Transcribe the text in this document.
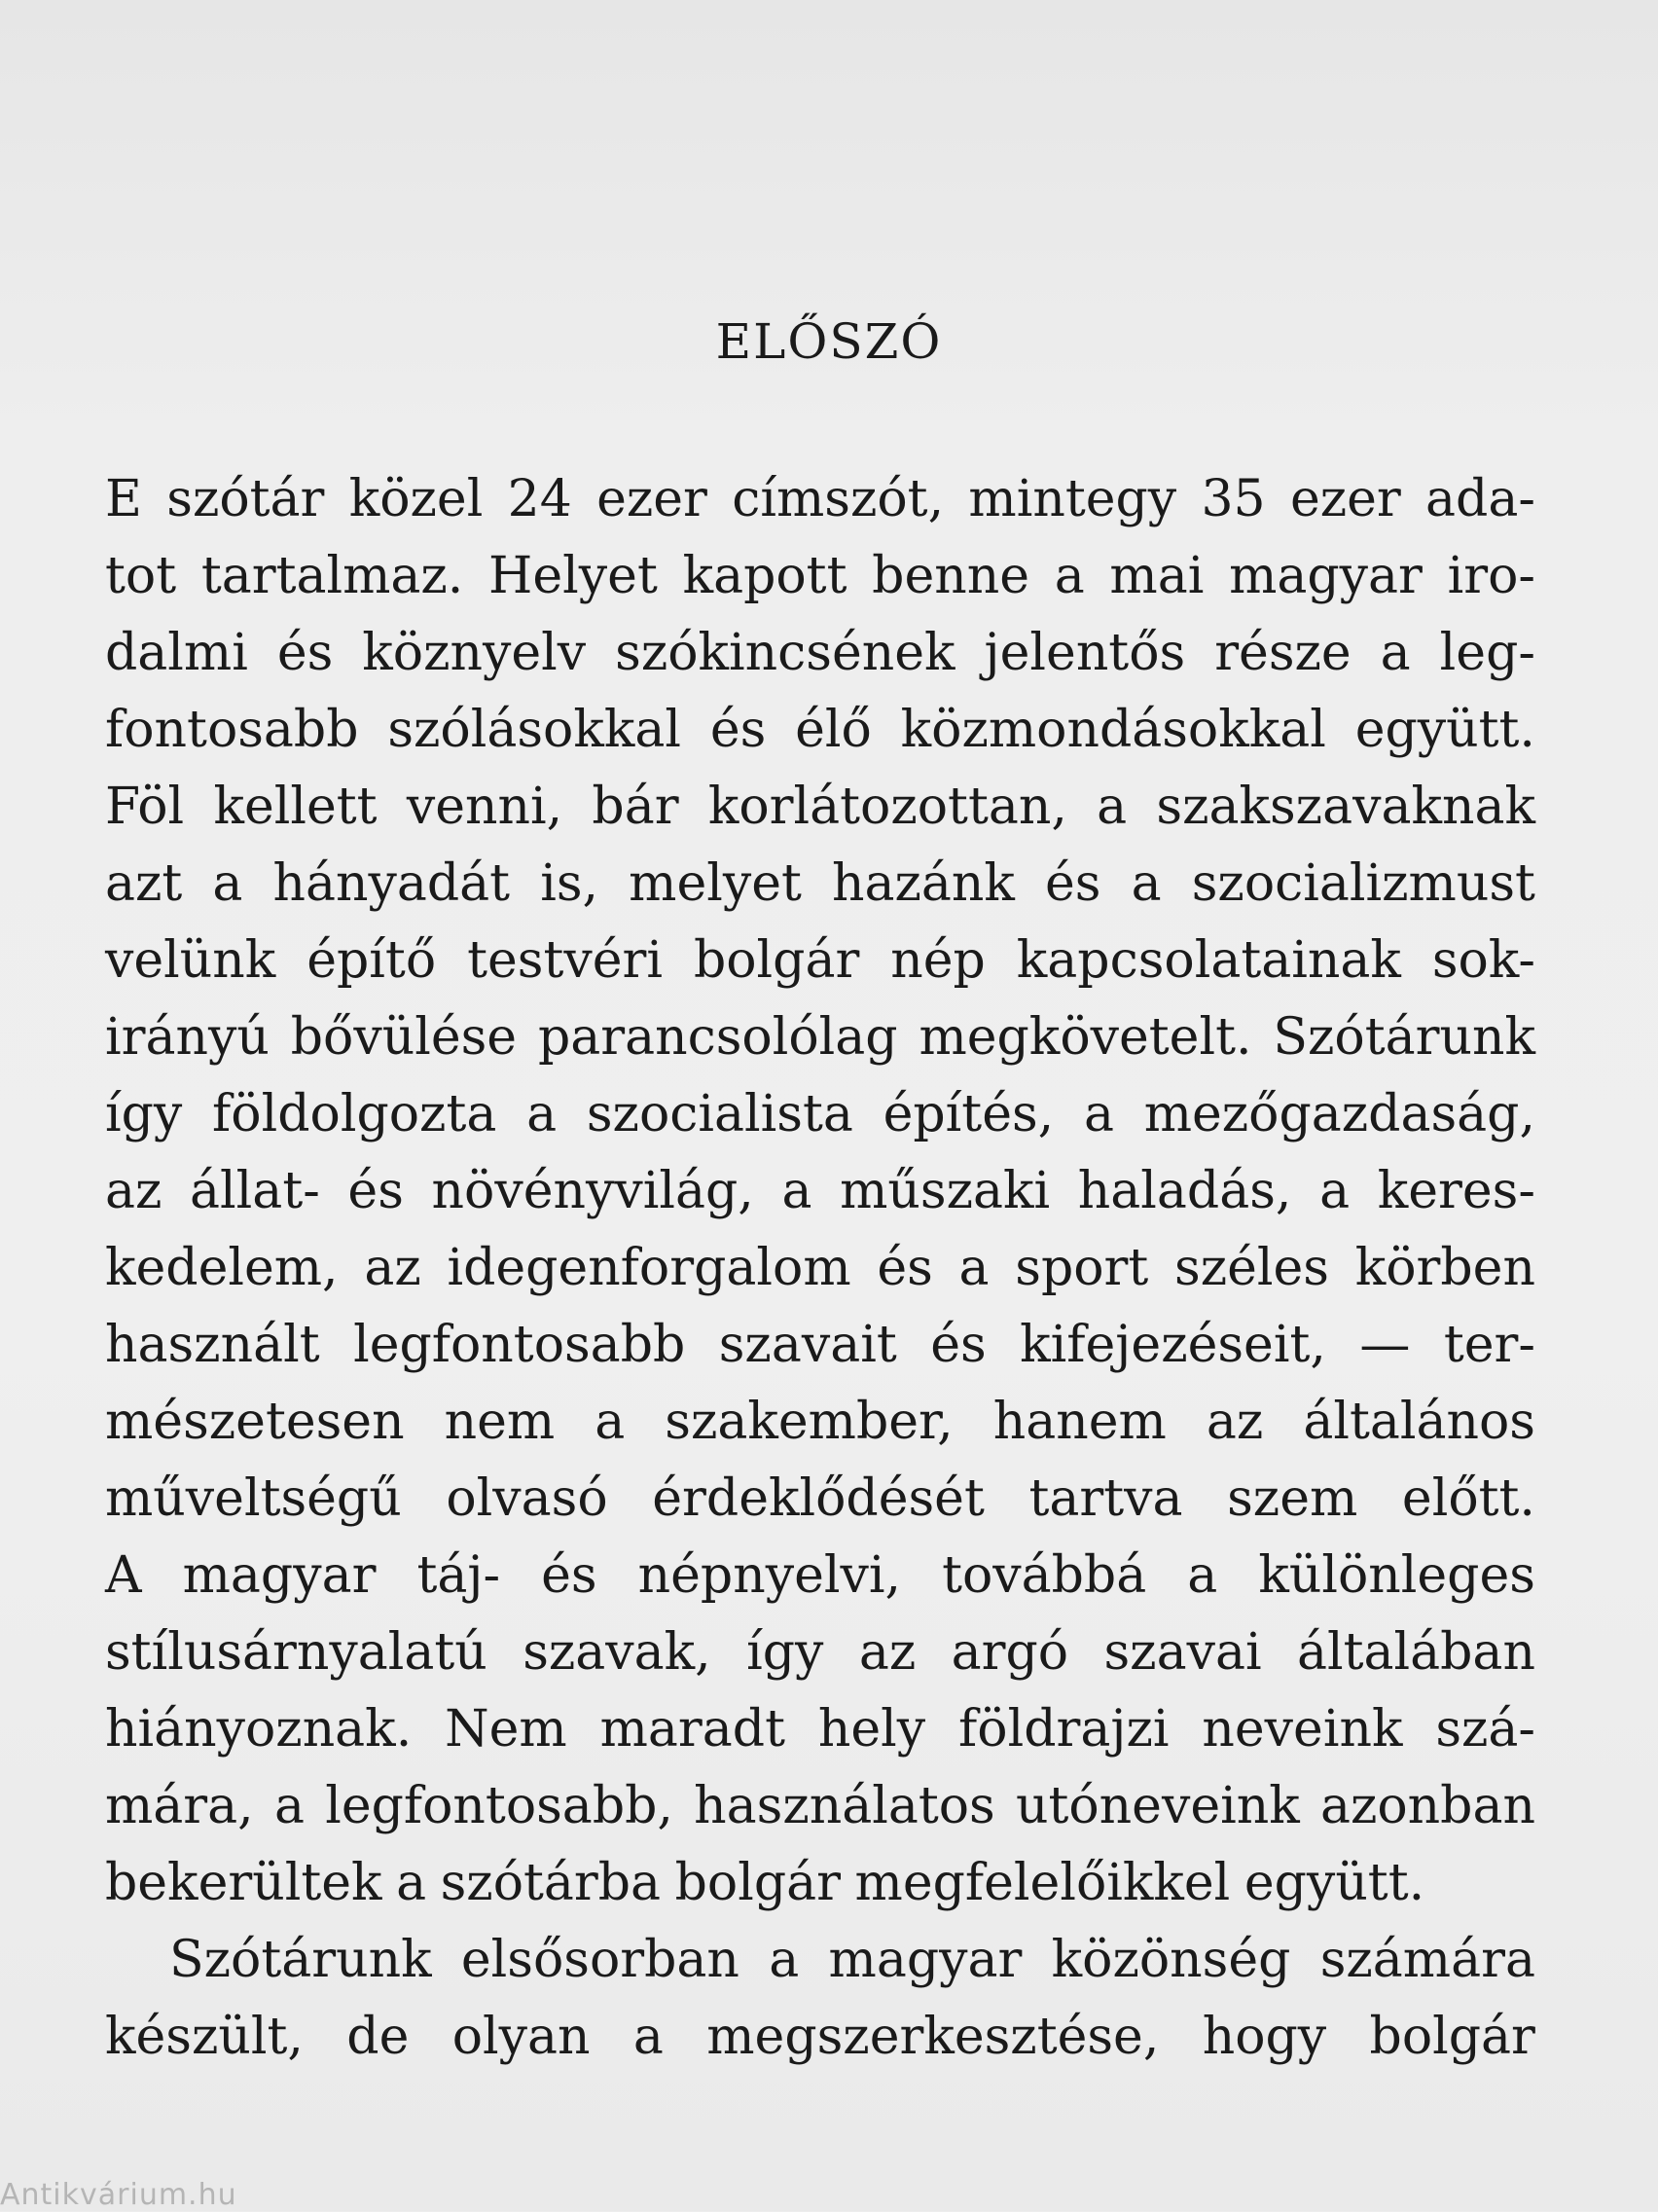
ELŐSZÓ
E szótár közel 24 ezer címszót, mintegy 35 ezer ada-
tot tartalmaz. Helyet kapott benne a mai magyar iro-
dalmi és köznyelv szókincsének jelentős része a leg-
fontosabb szólásokkal és élő közmondásokkal együtt.
Föl kellett venni, bár korlátozottan, a szakszavaknak
azt a hányadát is, melyet hazánk és a szocializmust
velünk építő testvéri bolgár nép kapcsolatainak sok-
irányú bővülése parancsolólag megkövetelt. Szótárunk
így földolgozta a szocialista építés, a mezőgazdaság,
az állat- és növényvilág, a műszaki haladás, a keres-
kedelem, az idegenforgalom és a sport széles körben
használt legfontosabb szavait és kifejezéseit, — ter-
mészetesen nem a szakember, hanem az általános
műveltségű olvasó érdeklődését tartva szem előtt.
A magyar táj- és népnyelvi, továbbá a különleges
stílusárnyalatú szavak, így az argó szavai általában
hiányoznak. Nem maradt hely földrajzi neveink szá-
mára, a legfontosabb, használatos utóneveink azonban
bekerültek a szótárba bolgár megfelelőikkel együtt.
Szótárunk elsősorban a magyar közönség számára
készült, de olyan a megszerkesztése, hogy bolgár
Antikvárium.hu
